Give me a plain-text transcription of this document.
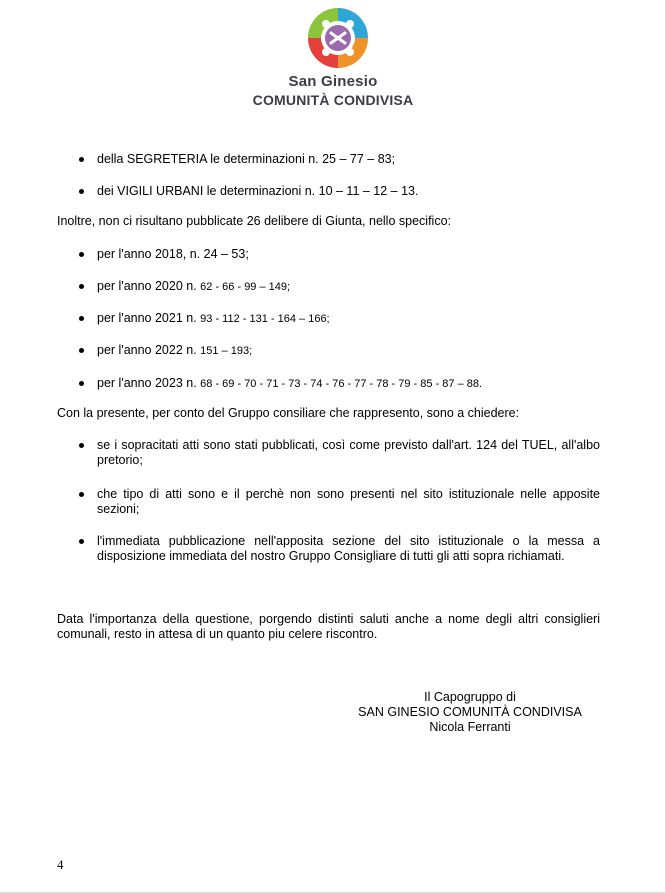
San Ginesio
COMUNITÀ CONDIVISA
della SEGRETERIA le determinazioni n. 25 – 77 – 83;
dei VIGILI URBANI le determinazioni n. 10 – 11 – 12 – 13.
Inoltre, non ci risultano pubblicate 26 delibere di Giunta, nello specifico:
per l'anno 2018, n. 24 – 53;
per l'anno 2020 n. 62 - 66 - 99 – 149;
per l'anno 2021 n. 93 - 112 - 131 - 164 – 166;
per l'anno 2022 n. 151 – 193;
per l'anno 2023 n. 68 - 69 - 70 - 71 - 73 - 74 - 76 - 77 - 78 - 79 - 85 - 87 – 88.
Con la presente, per conto del Gruppo consiliare che rappresento, sono a chiedere:
se i sopracitati atti sono stati pubblicati, così come previsto dall'art. 124 del TUEL, all'albo pretorio;
che tipo di atti sono e il perchè non sono presenti nel sito istituzionale nelle apposite sezioni;
l'immediata pubblicazione nell'apposita sezione del sito istituzionale o la messa a disposizione immediata del nostro Gruppo Consigliare di tutti gli atti sopra richiamati.
Data l'importanza della questione, porgendo distinti saluti anche a nome degli altri consiglieri comunali, resto in attesa di un quanto piu celere riscontro.
Il Capogruppo di
SAN GINESIO COMUNITÀ CONDIVISA
Nicola Ferranti
4
